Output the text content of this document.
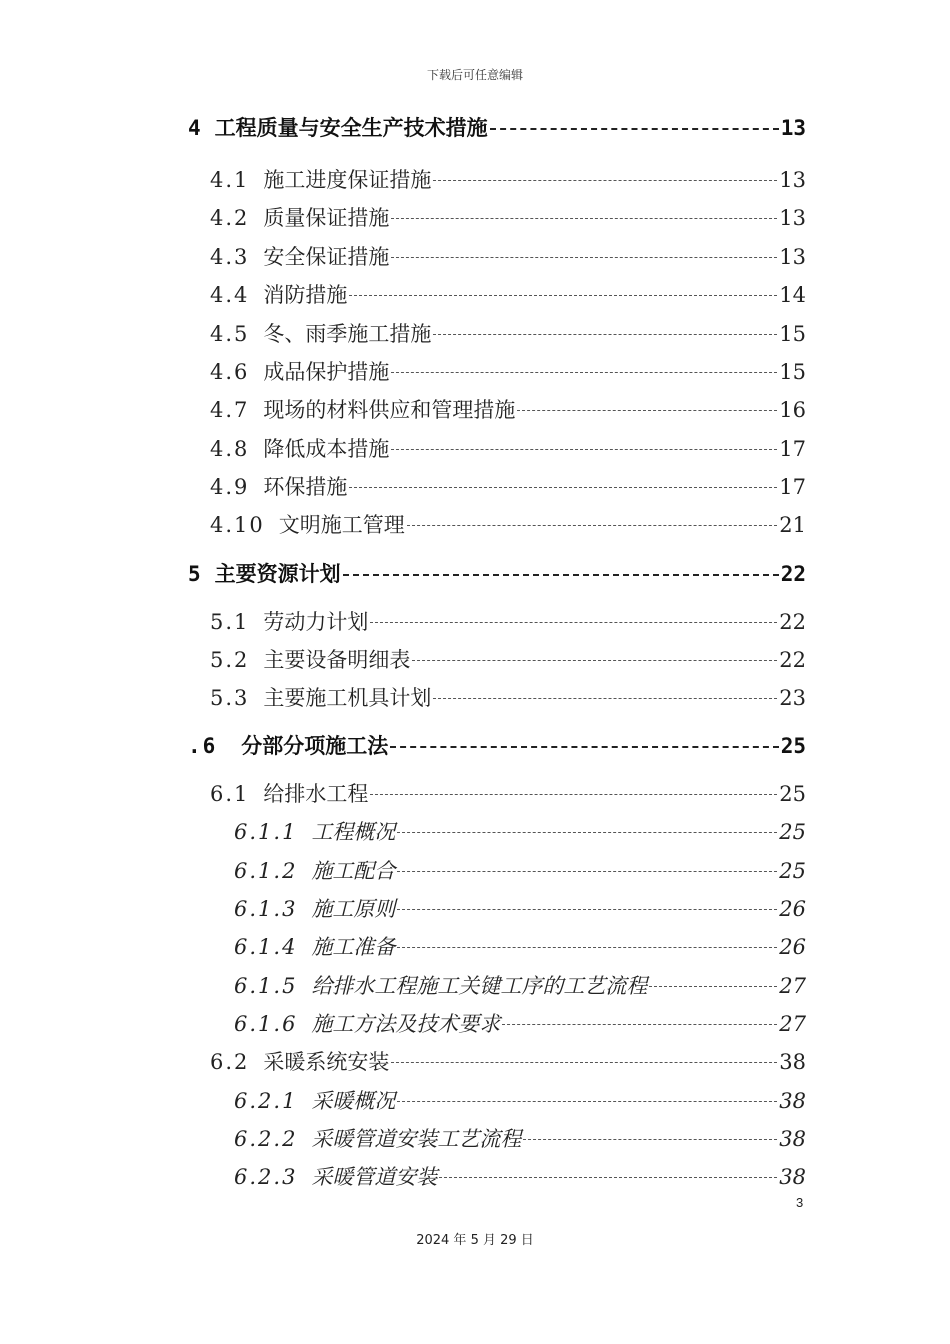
下载后可任意编辑
4 工程质量与安全生产技术措施	13
4.1 施工进度保证措施	13
4.2 质量保证措施	13
4.3 安全保证措施	13
4.4 消防措施	14
4.5 冬、雨季施工措施	15
4.6 成品保护措施	15
4.7 现场的材料供应和管理措施	16
4.8 降低成本措施	17
4.9 环保措施	17
4.10 文明施工管理	21
5 主要资源计划	22
5.1 劳动力计划	22
5.2 主要设备明细表	22
5.3 主要施工机具计划	23
.6 分部分项施工法	25
6.1 给排水工程	25
6.1.1 工程概况	25
6.1.2 施工配合	25
6.1.3 施工原则	26
6.1.4 施工准备	26
6.1.5 给排水工程施工关键工序的工艺流程	27
6.1.6 施工方法及技术要求	27
6.2 采暖系统安装	38
6.2.1 采暖概况	38
6.2.2 采暖管道安装工艺流程	38
6.2.3 采暖管道安装	38
3
2024 年 5 月 29 日
